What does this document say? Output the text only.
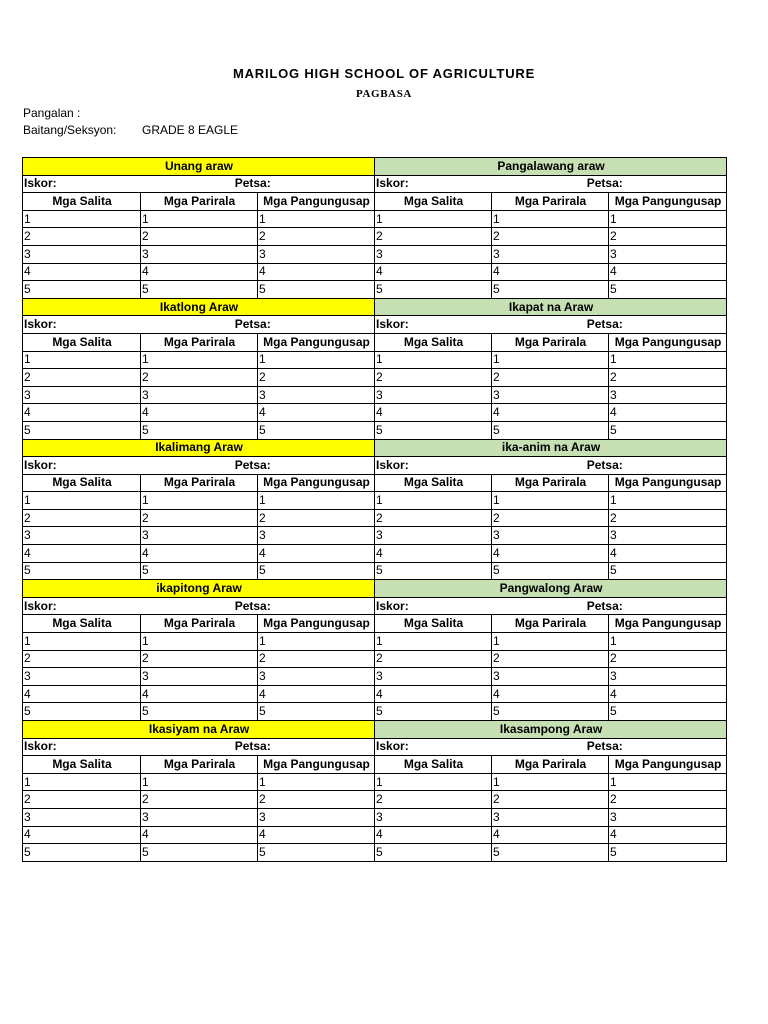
MARILOG HIGH SCHOOL OF AGRICULTURE
PAGBASA
Pangalan :
Baitang/Seksyon: GRADE 8 EAGLE
Unang araw			Pangalawang araw		
Iskor: Petsa:			Iskor: Petsa:		
Mga Salita	Mga Parirala	Mga Pangungusap	Mga Salita	Mga Parirala	Mga Pangungusap
1	1	1	1	1	1
2	2	2	2	2	2
3	3	3	3	3	3
4	4	4	4	4	4
5	5	5	5	5	5
Ikatlong Araw			Ikapat na Araw		
Iskor: Petsa:			Iskor: Petsa:		
Mga Salita	Mga Parirala	Mga Pangungusap	Mga Salita	Mga Parirala	Mga Pangungusap
1	1	1	1	1	1
2	2	2	2	2	2
3	3	3	3	3	3
4	4	4	4	4	4
5	5	5	5	5	5
Ikalimang Araw			ika-anim na Araw		
Iskor: Petsa:			Iskor: Petsa:		
Mga Salita	Mga Parirala	Mga Pangungusap	Mga Salita	Mga Parirala	Mga Pangungusap
1	1	1	1	1	1
2	2	2	2	2	2
3	3	3	3	3	3
4	4	4	4	4	4
5	5	5	5	5	5
ikapitong Araw			Pangwalong Araw		
Iskor: Petsa:			Iskor: Petsa:		
Mga Salita	Mga Parirala	Mga Pangungusap	Mga Salita	Mga Parirala	Mga Pangungusap
1	1	1	1	1	1
2	2	2	2	2	2
3	3	3	3	3	3
4	4	4	4	4	4
5	5	5	5	5	5
Ikasiyam na Araw			Ikasampong Araw		
Iskor: Petsa:			Iskor: Petsa:		
Mga Salita	Mga Parirala	Mga Pangungusap	Mga Salita	Mga Parirala	Mga Pangungusap
1	1	1	1	1	1
2	2	2	2	2	2
3	3	3	3	3	3
4	4	4	4	4	4
5	5	5	5	5	5
